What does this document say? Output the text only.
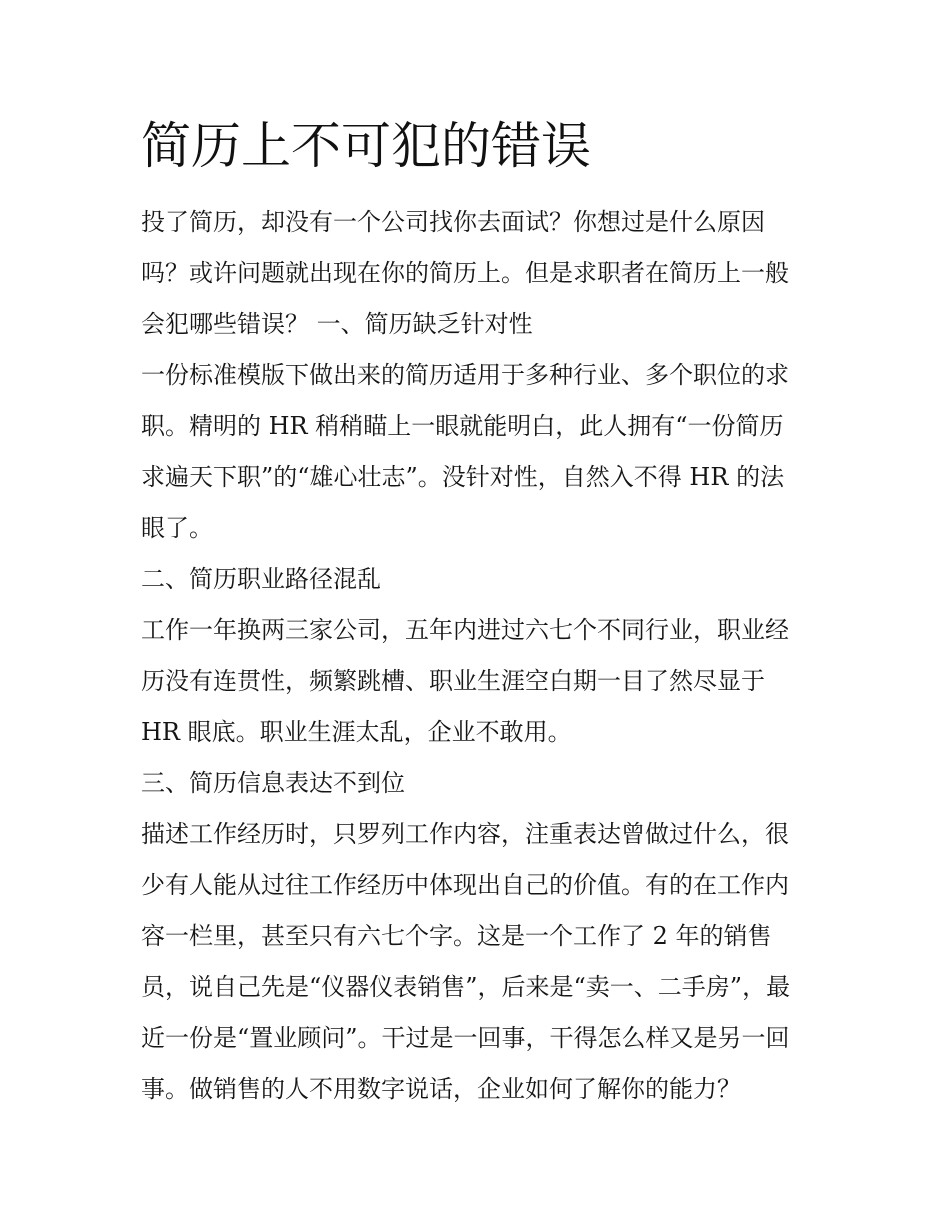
简历上不可犯的错误
投了简历，却没有一个公司找你去面试？你想过是什么原因
吗？或许问题就出现在你的简历上。但是求职者在简历上一般
会犯哪些错误？ 一、简历缺乏针对性
一份标准模版下做出来的简历适用于多种行业、多个职位的求
职。精明的 HR 稍稍瞄上一眼就能明白，此人拥有“一份简历
求遍天下职”的“雄心壮志”。没针对性，自然入不得 HR 的法
眼了。
二、简历职业路径混乱
工作一年换两三家公司，五年内进过六七个不同行业，职业经
历没有连贯性，频繁跳槽、职业生涯空白期一目了然尽显于
HR 眼底。职业生涯太乱，企业不敢用。
三、简历信息表达不到位
描述工作经历时，只罗列工作内容，注重表达曾做过什么，很
少有人能从过往工作经历中体现出自己的价值。有的在工作内
容一栏里，甚至只有六七个字。这是一个工作了 2 年的销售
员，说自己先是“仪器仪表销售”，后来是“卖一、二手房”，最
近一份是“置业顾问”。干过是一回事，干得怎么样又是另一回
事。做销售的人不用数字说话，企业如何了解你的能力？
